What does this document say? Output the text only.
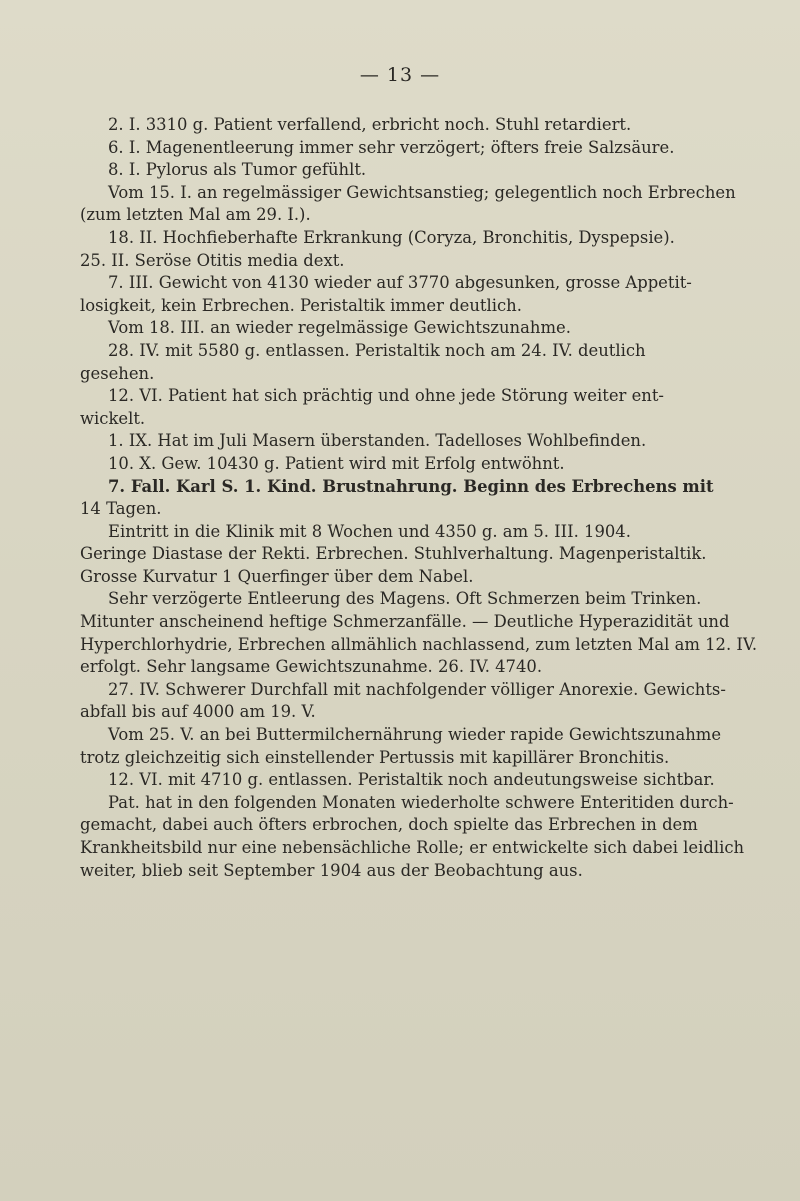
— 13 —
2. I. 3310 g. Patient verfallend, erbricht noch. Stuhl retardiert.
6. I. Magenentleerung immer sehr verzögert; öfters freie Salzsäure.
8. I. Pylorus als Tumor gefühlt.
Vom 15. I. an regelmässiger Gewichtsanstieg; gelegentlich noch Erbrechen
(zum letzten Mal am 29. I.).
18. II. Hochfieberhafte Erkrankung (Coryza, Bronchitis, Dyspepsie).
25. II. Seröse Otitis media dext.
7. III. Gewicht von 4130 wieder auf 3770 abgesunken, grosse Appetit-
losigkeit, kein Erbrechen. Peristaltik immer deutlich.
Vom 18. III. an wieder regelmässige Gewichtszunahme.
28. IV. mit 5580 g. entlassen. Peristaltik noch am 24. IV. deutlich
gesehen.
12. VI. Patient hat sich prächtig und ohne jede Störung weiter ent-
wickelt.
1. IX. Hat im Juli Masern überstanden. Tadelloses Wohlbefinden.
10. X. Gew. 10430 g. Patient wird mit Erfolg entwöhnt.
7. Fall. Karl S. 1. Kind. Brustnahrung. Beginn des Erbrechens mit
14 Tagen.
Eintritt in die Klinik mit 8 Wochen und 4350 g. am 5. III. 1904.
Geringe Diastase der Rekti. Erbrechen. Stuhlverhaltung. Magenperistaltik.
Grosse Kurvatur 1 Querfinger über dem Nabel.
Sehr verzögerte Entleerung des Magens. Oft Schmerzen beim Trinken.
Mitunter anscheinend heftige Schmerzanfälle. — Deutliche Hyperazidität und
Hyperchlorhydrie, Erbrechen allmählich nachlassend, zum letzten Mal am 12. IV.
erfolgt. Sehr langsame Gewichtszunahme. 26. IV. 4740.
27. IV. Schwerer Durchfall mit nachfolgender völliger Anorexie. Gewichts-
abfall bis auf 4000 am 19. V.
Vom 25. V. an bei Buttermilchernährung wieder rapide Gewichtszunahme
trotz gleichzeitig sich einstellender Pertussis mit kapillärer Bronchitis.
12. VI. mit 4710 g. entlassen. Peristaltik noch andeutungsweise sichtbar.
Pat. hat in den folgenden Monaten wiederholte schwere Enteritiden durch-
gemacht, dabei auch öfters erbrochen, doch spielte das Erbrechen in dem
Krankheitsbild nur eine nebensächliche Rolle; er entwickelte sich dabei leidlich
weiter, blieb seit September 1904 aus der Beobachtung aus.
